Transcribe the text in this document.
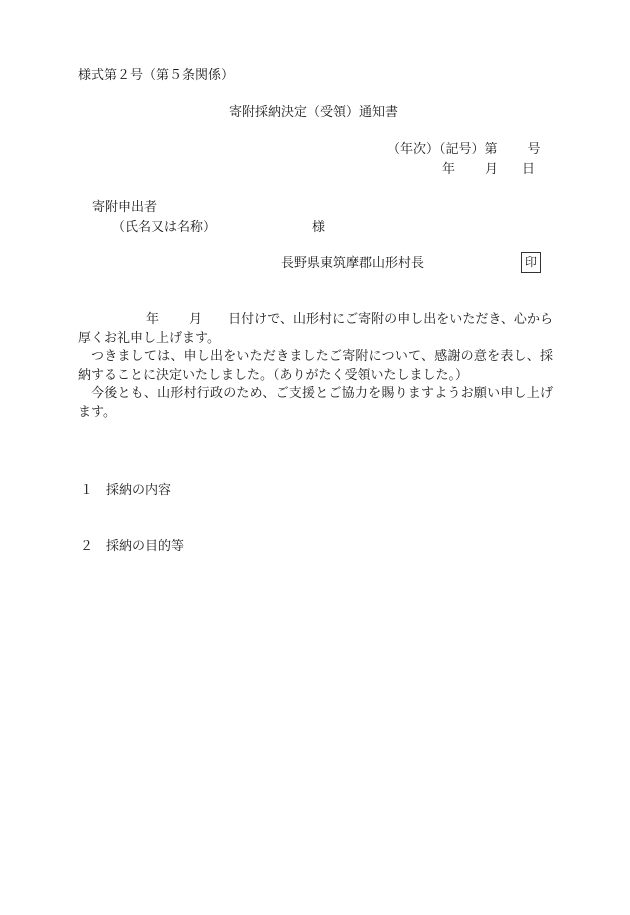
様式第２号（第５条関係）
寄附採納決定（受領）通知書
（年次）（記号）第 号
年 月 日
寄附申出者
（氏名又は名称）	様
長野県東筑摩郡山形村長	印

年 月 日付けで、山形村にご寄附の申し出をいただき、心から厚くお礼申し上げます。

つきましては、申し出をいただきましたご寄附について、感謝の意を表し、採納することに決定いたしました。（ありがたく受領いたしました。）

今後とも、山形村行政のため、ご支援とご協力を賜りますようお願い申し上げます。

１ 採納の内容
２ 採納の目的等
